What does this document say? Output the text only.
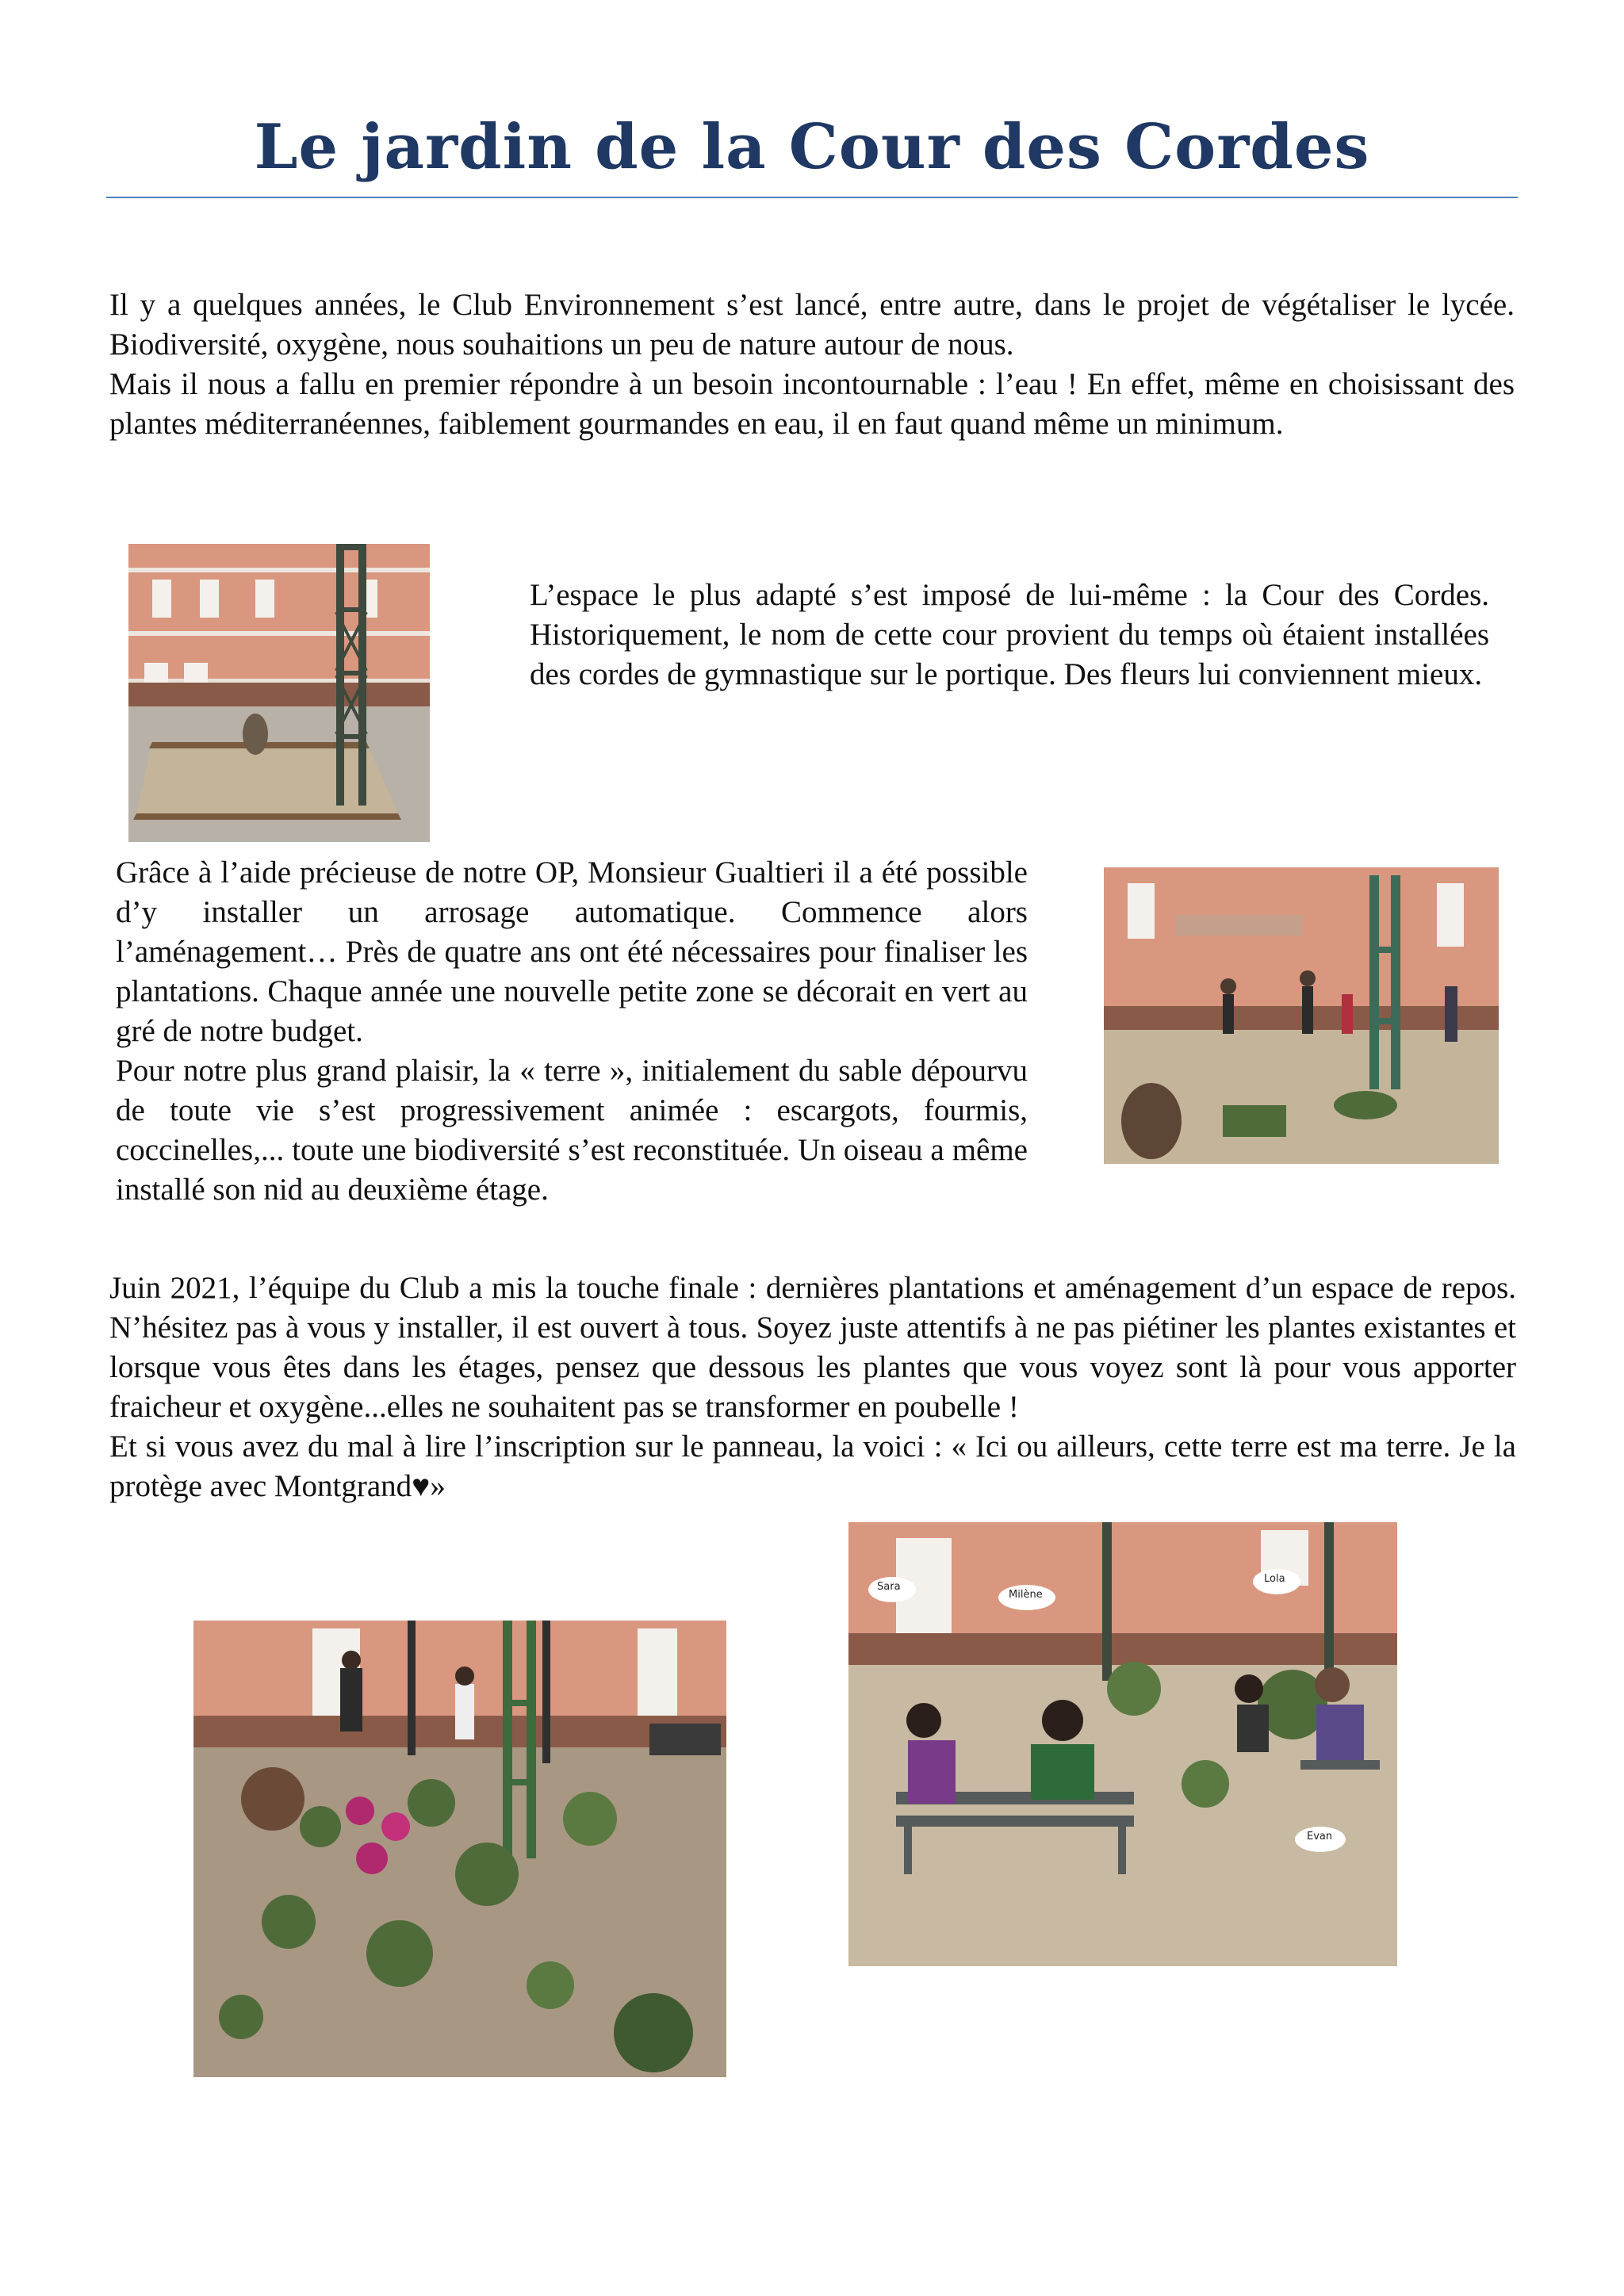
Le jardin de la Cour des Cordes

Il y a quelques années, le Club Environnement s’est lancé, entre autre, dans le projet de végétaliser le lycée. Biodiversité, oxygène, nous souhaitions un peu de nature autour de nous.
Mais il nous a fallu en premier répondre à un besoin incontournable : l’eau ! En effet, même en choisissant des plantes méditerranéennes, faiblement gourmandes en eau, il en faut quand même un minimum.

L’espace le plus adapté s’est imposé de lui-même : la Cour des Cordes. Historiquement, le nom de cette cour provient du temps où étaient installées des cordes de gymnastique sur le portique. Des fleurs lui conviennent mieux.

Grâce à l’aide précieuse de notre OP, Monsieur Gualtieri il a été possible d’y installer un arrosage automatique. Commence alors l’aménagement… Près de quatre ans ont été nécessaires pour finaliser les plantations. Chaque année une nouvelle petite zone se décorait en vert au gré de notre budget.
Pour notre plus grand plaisir, la « terre », initialement du sable dépourvu de toute vie s’est progressivement animée : escargots, fourmis, coccinelles,... toute une biodiversité s’est reconstituée. Un oiseau a même installé son nid au deuxième étage.

Juin 2021, l’équipe du Club a mis la touche finale : dernières plantations et aménagement d’un espace de repos. N’hésitez pas à vous y installer, il est ouvert à tous. Soyez juste attentifs à ne pas piétiner les plantes existantes et lorsque vous êtes dans les étages, pensez que dessous les plantes que vous voyez sont là pour vous apporter fraicheur et oxygène...elles ne souhaitent pas se transformer en poubelle !
Et si vous avez du mal à lire l’inscription sur le panneau, la voici : « Ici ou ailleurs, cette terre est ma terre. Je la protège avec Montgrand♥»

Sara
Milène
Lola
Evan
